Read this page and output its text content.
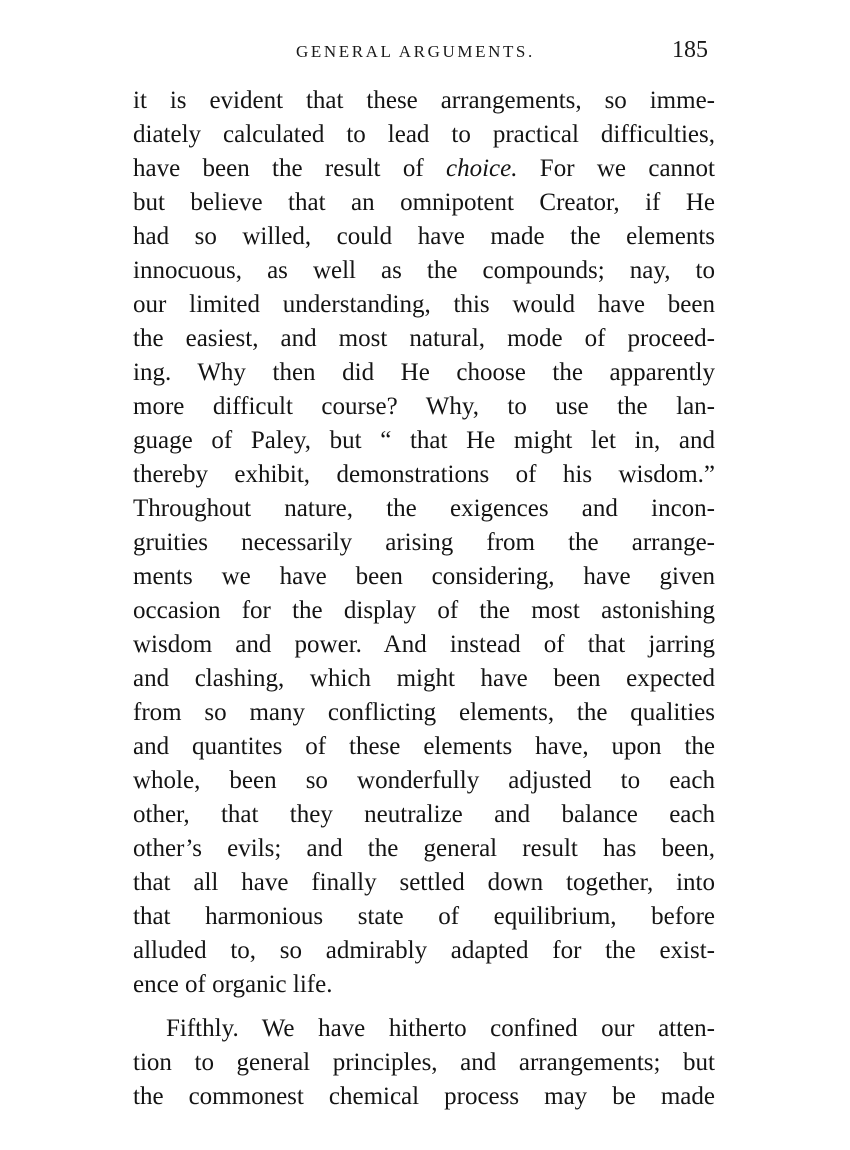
GENERAL ARGUMENTS.	185
it is evident that these arrangements, so imme-
diately calculated to lead to practical difficulties,
have been the result of choice. For we cannot
but believe that an omnipotent Creator, if He
had so willed, could have made the elements
innocuous, as well as the compounds; nay, to
our limited understanding, this would have been
the easiest, and most natural, mode of proceed-
ing. Why then did He choose the apparently
more difficult course? Why, to use the lan-
guage of Paley, but “ that He might let in, and
thereby exhibit, demonstrations of his wisdom.”
Throughout nature, the exigences and incon-
gruities necessarily arising from the arrange-
ments we have been considering, have given
occasion for the display of the most astonishing
wisdom and power. And instead of that jarring
and clashing, which might have been expected
from so many conflicting elements, the qualities
and quantites of these elements have, upon the
whole, been so wonderfully adjusted to each
other, that they neutralize and balance each
other’s evils; and the general result has been,
that all have finally settled down together, into
that harmonious state of equilibrium, before
alluded to, so admirably adapted for the exist-
ence of organic life.
Fifthly. We have hitherto confined our atten-
tion to general principles, and arrangements; but
the commonest chemical process may be made
